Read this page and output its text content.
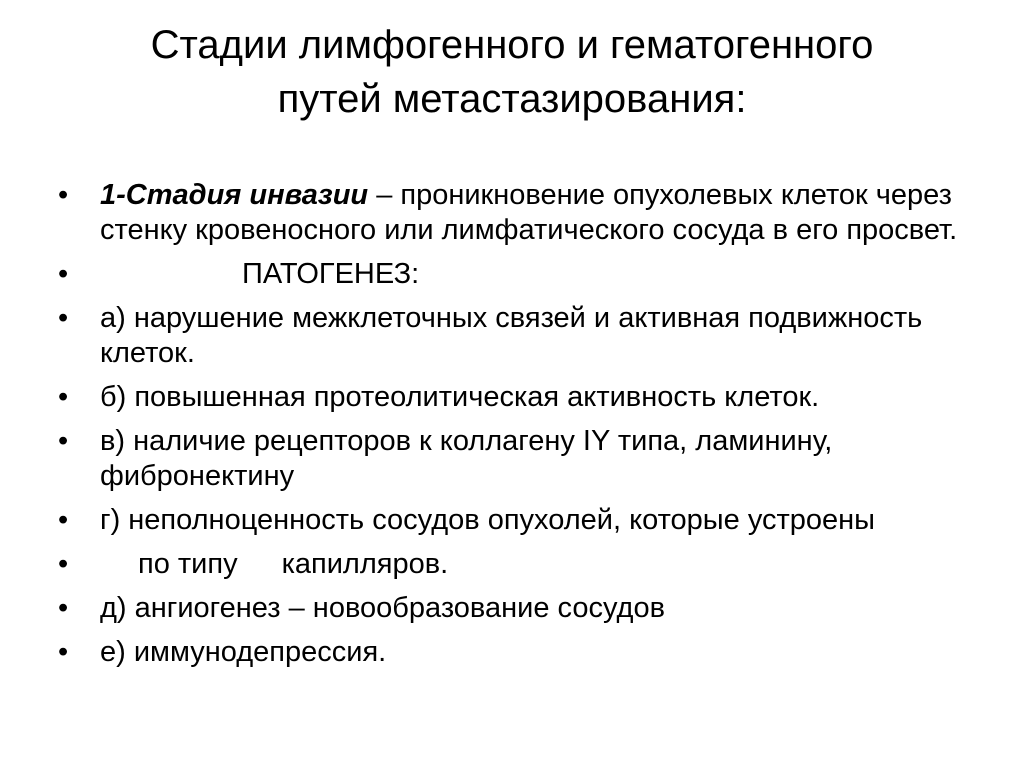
Стадии лимфогенного и гематогенного
путей метастазирования:
•	1-Стадия инвазии – проникновение опухолевых клеток через стенку кровеносного или лимфатического сосуда в его просвет.
•	ПАТОГЕНЕЗ:
•	а) нарушение межклеточных связей и активная подвижность клеток.
•	б) повышенная протеолитическая активность клеток.
•	в) наличие рецепторов к коллагену IY типа, ламинину, фибронектину
•	г) неполноценность сосудов опухолей, которые устроены
•	по типу капилляров.
•	д) ангиогенез – новообразование сосудов
•	е) иммунодепрессия.
